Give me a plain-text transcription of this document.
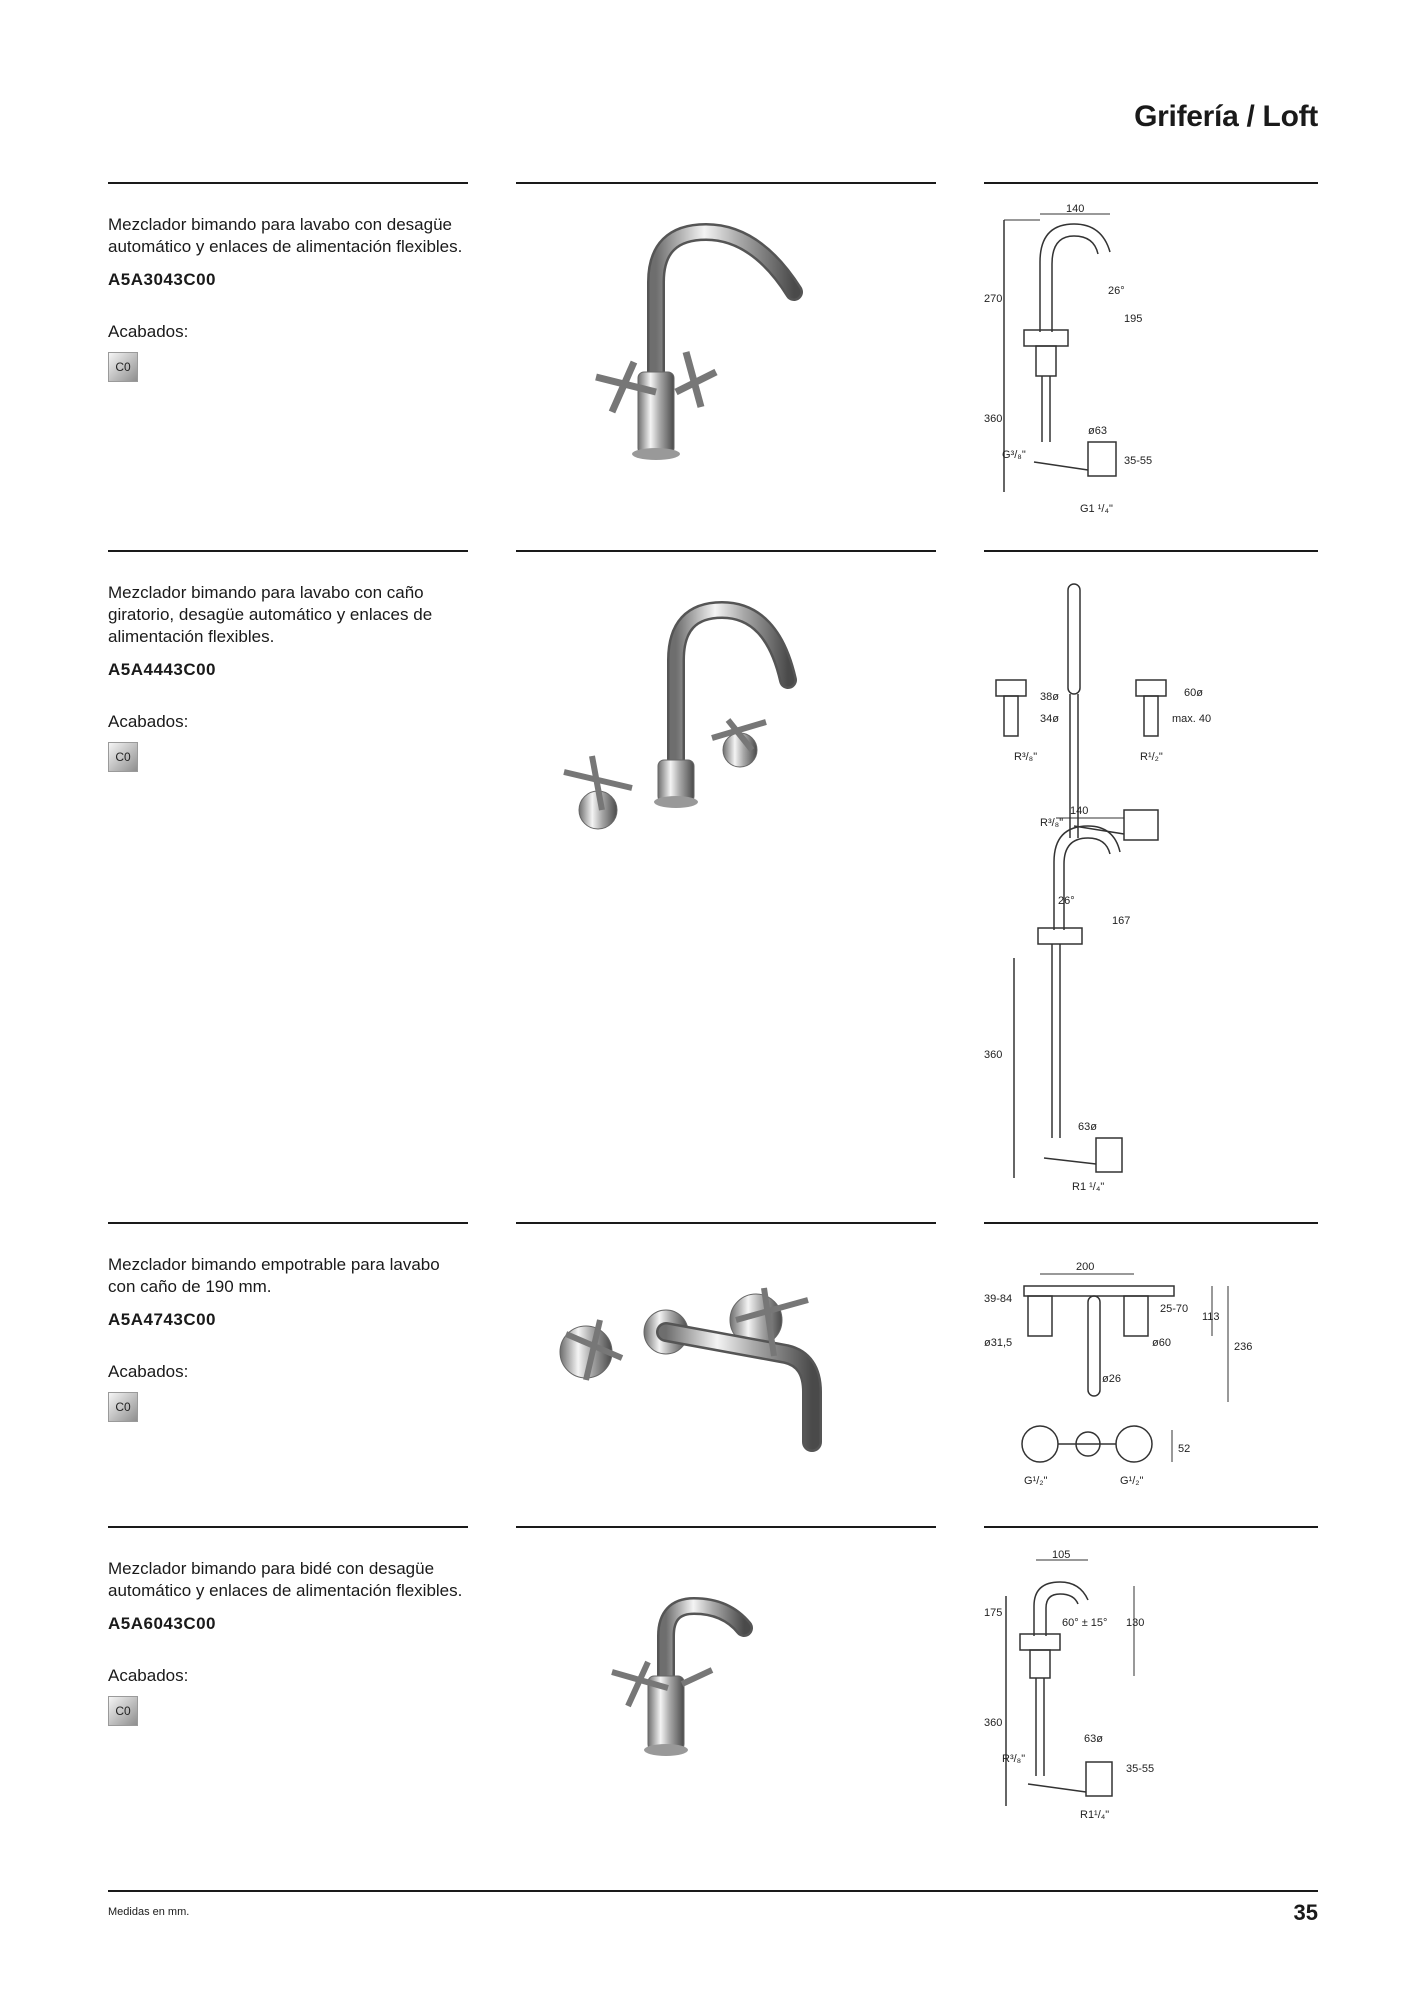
Grifería / Loft

Mezclador bimando para lavabo con desagüe automático y enlaces de alimentación flexibles.

A5A3043C00
Acabados:
C0
140
270
26°
195
360
ø63
G³/₈"	35-55
G1 ¹/₄"

Mezclador bimando para lavabo con caño giratorio, desagüe automático y enlaces de alimentación flexibles.

A5A4443C00
Acabados:
C0
38ø
34ø
60ø
max. 40
R³/₈"	R¹/₂"
R³/₈"
140
26°
167
360
63ø
R1 ¹/₄"

Mezclador bimando empotrable para lavabo con caño de 190 mm.

A5A4743C00
Acabados:
C0
200
39-84
25-70
113
ø31,5	ø60	236
ø26
52
G¹/₂"	G¹/₂"

Mezclador bimando para bidé con desagüe automático y enlaces de alimentación flexibles.

A5A6043C00
Acabados:
C0
105
175
60° ± 15° 130
360
63ø
R³/₈"
35-55
R1¹/₄"
Medidas en mm.	35
